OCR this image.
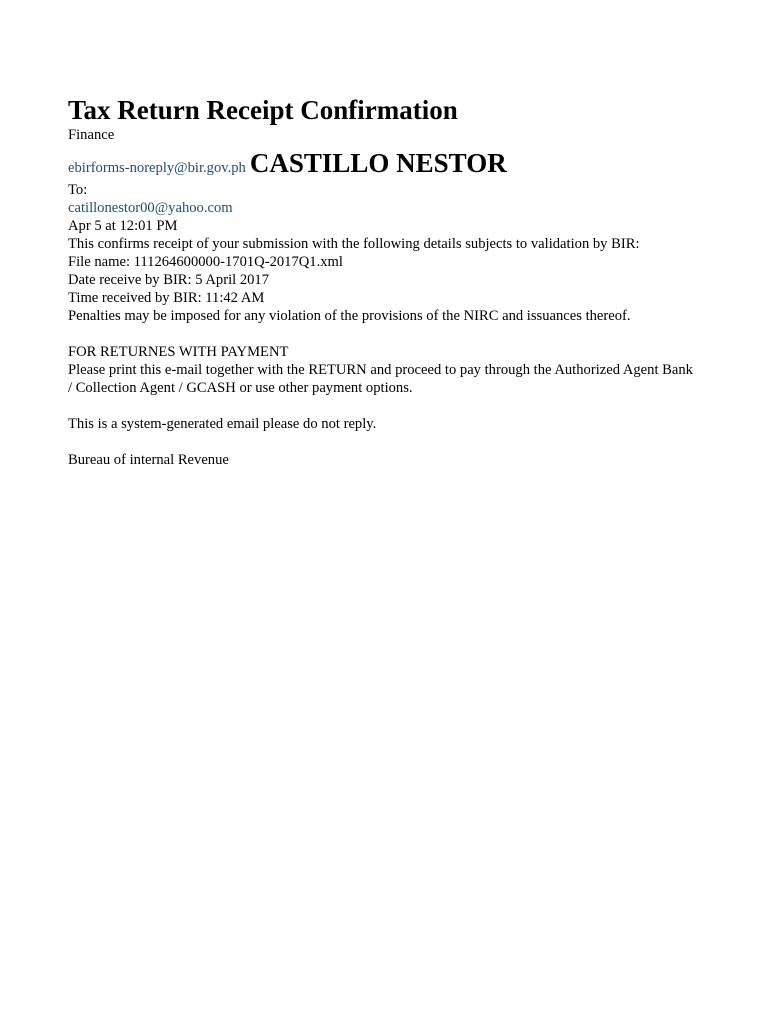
Tax Return Receipt Confirmation
Finance
ebirforms-noreply@bir.gov.ph CASTILLO NESTOR
To:
catillonestor00@yahoo.com
Apr 5 at 12:01 PM
This confirms receipt of your submission with the following details subjects to validation by BIR:
File name: 111264600000-1701Q-2017Q1.xml
Date receive by BIR: 5 April 2017
Time received by BIR: 11:42 AM
Penalties may be imposed for any violation of the provisions of the NIRC and issuances thereof.
FOR RETURNES WITH PAYMENT
Please print this e-mail together with the RETURN and proceed to pay through the Authorized Agent Bank / Collection Agent / GCASH or use other payment options.
This is a system-generated email please do not reply.
Bureau of internal Revenue
